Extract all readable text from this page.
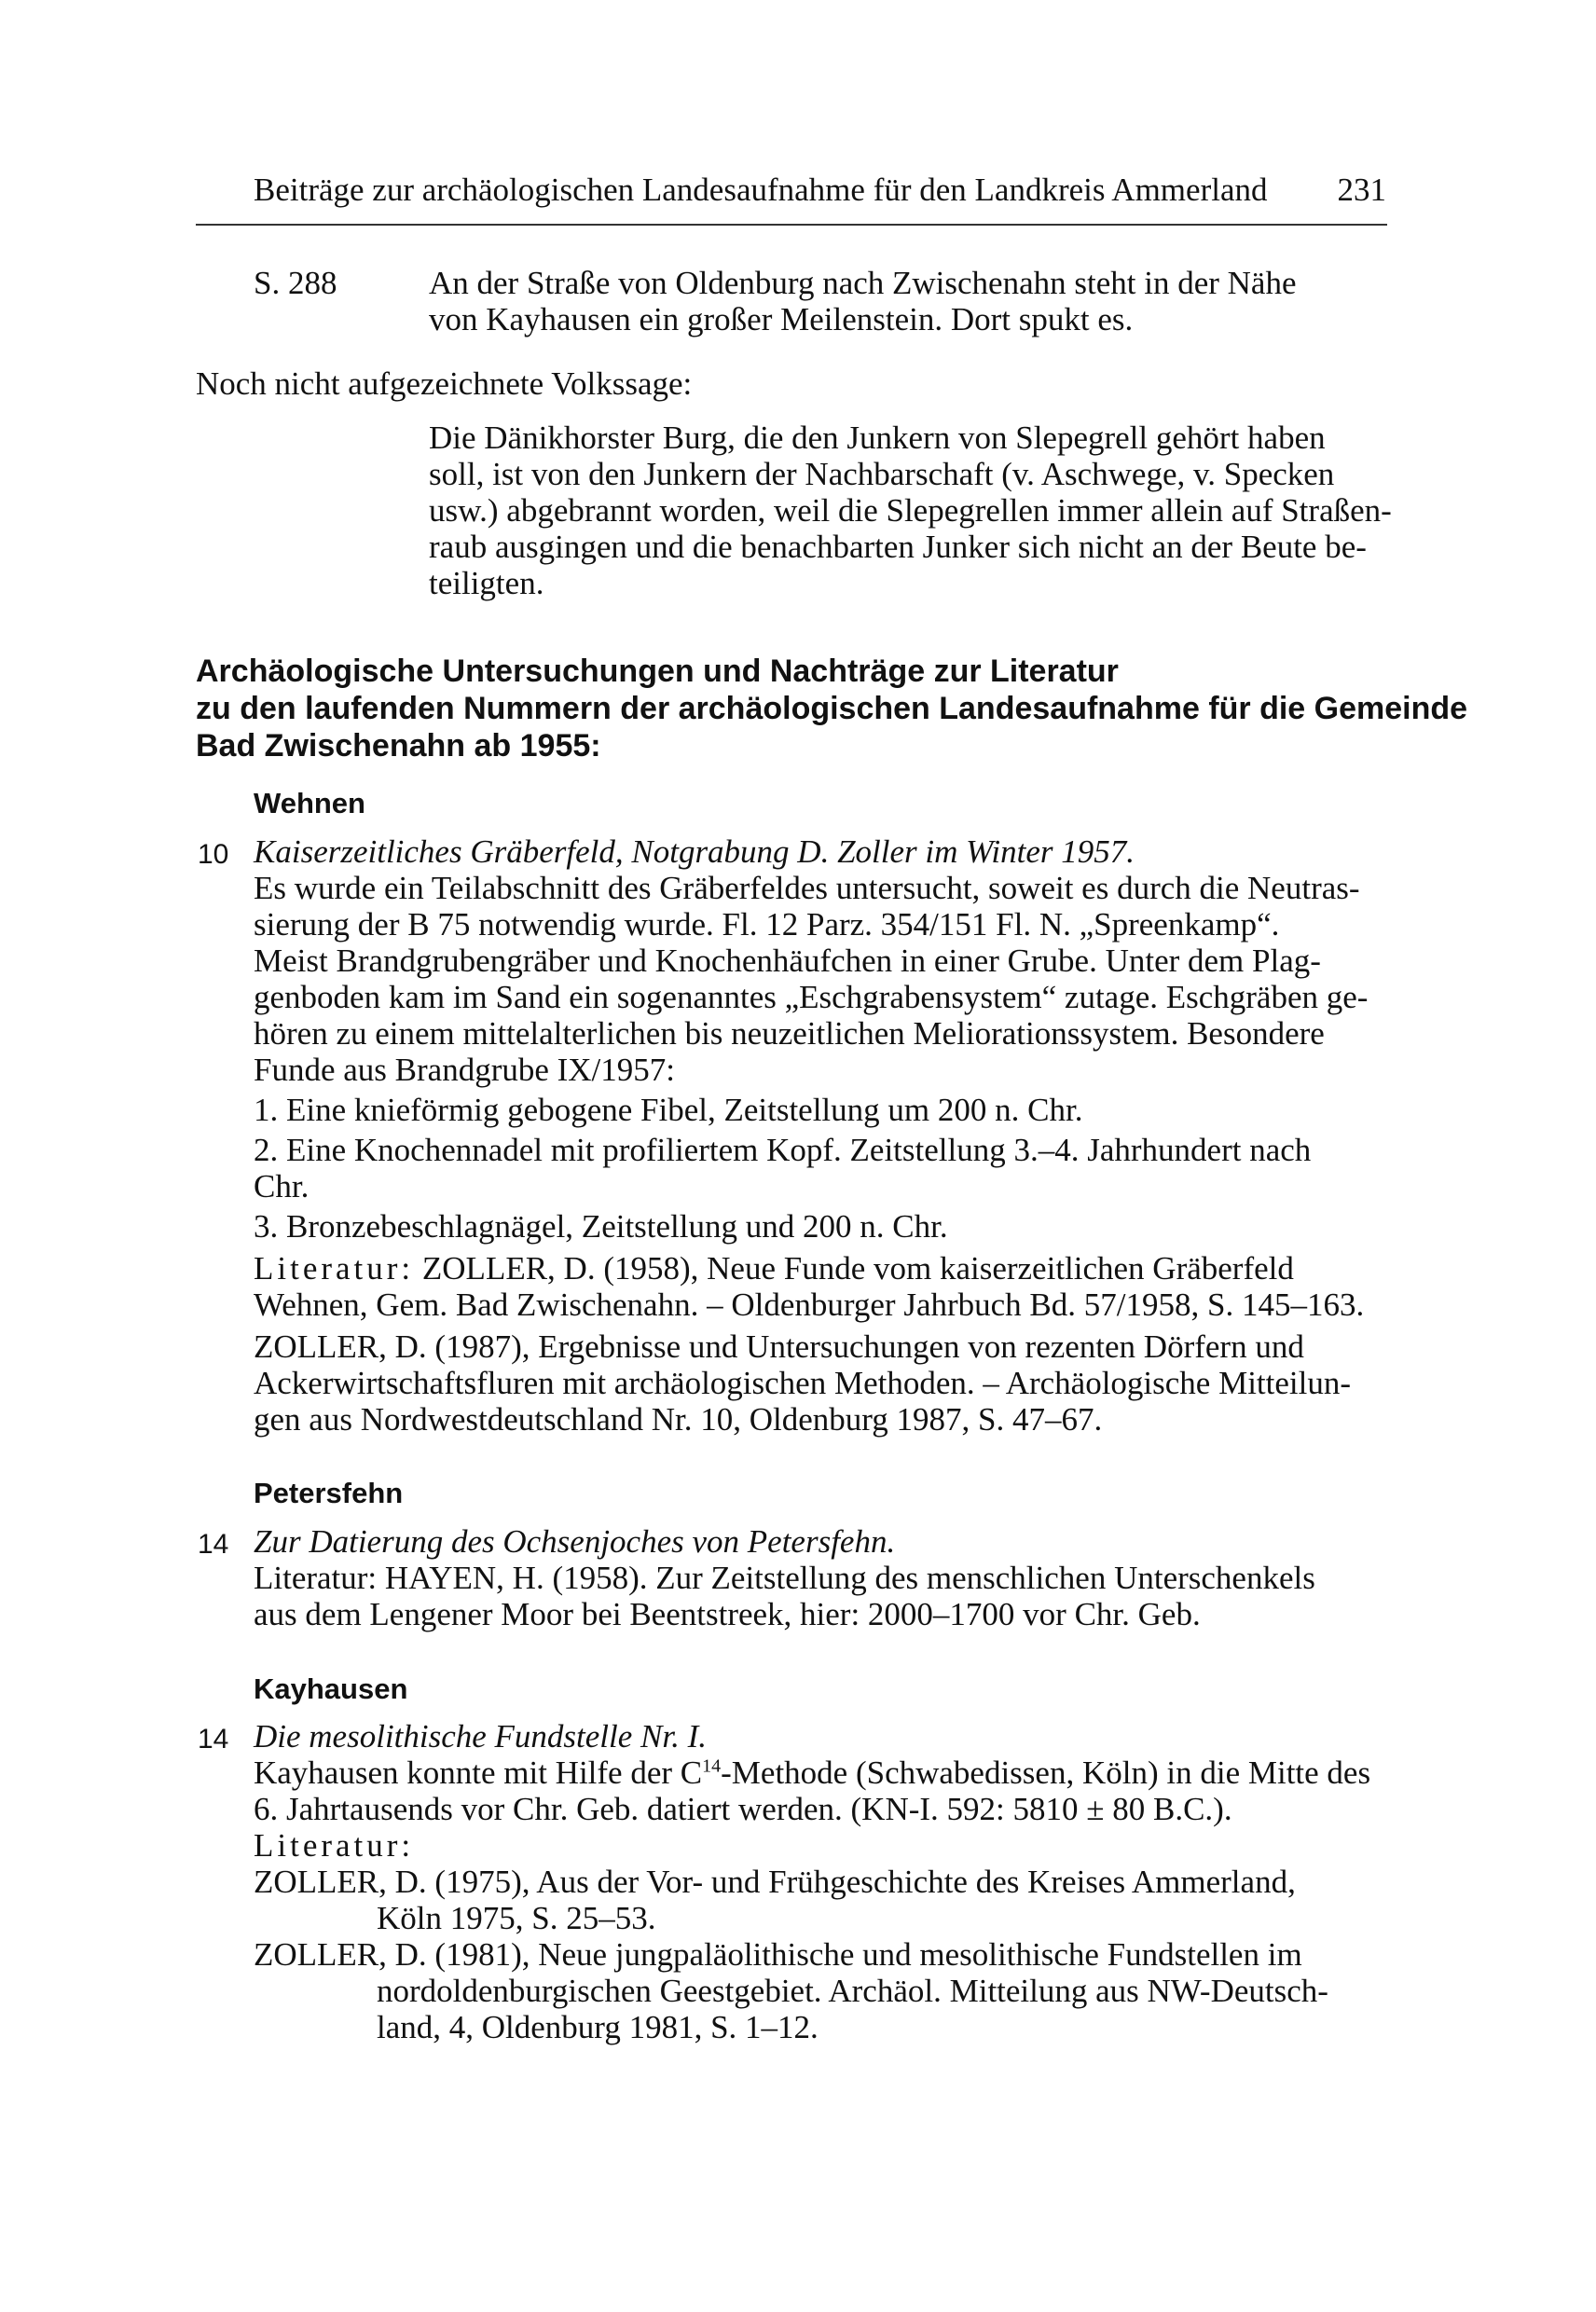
Beiträge zur archäologischen Landesaufnahme für den Landkreis Ammerland 231
S. 288	An der Straße von Oldenburg nach Zwischenahn steht in der Nähe
von Kayhausen ein großer Meilenstein. Dort spukt es.
Noch nicht aufgezeichnete Volkssage:
Die Dänikhorster Burg, die den Junkern von Slepegrell gehört haben
soll, ist von den Junkern der Nachbarschaft (v. Aschwege, v. Specken
usw.) abgebrannt worden, weil die Slepegrellen immer allein auf Straßen-
raub ausgingen und die benachbarten Junker sich nicht an der Beute be-
teiligten.
Archäologische Untersuchungen und Nachträge zur Literatur
zu den laufenden Nummern der archäologischen Landesaufnahme für die Gemeinde
Bad Zwischenahn ab 1955:
Wehnen
10 Kaiserzeitliches Gräberfeld, Notgrabung D. Zoller im Winter 1957.
Es wurde ein Teilabschnitt des Gräberfeldes untersucht, soweit es durch die Neutras-
sierung der B 75 notwendig wurde. Fl. 12 Parz. 354/151 Fl. N. „Spreenkamp“.
Meist Brandgrubengräber und Knochenhäufchen in einer Grube. Unter dem Plag-
genboden kam im Sand ein sogenanntes „Eschgrabensystem“ zutage. Eschgräben ge-
hören zu einem mittelalterlichen bis neuzeitlichen Meliorationssystem. Besondere
Funde aus Brandgrube IX/1957:
1. Eine knieförmig gebogene Fibel, Zeitstellung um 200 n. Chr.
2. Eine Knochennadel mit profiliertem Kopf. Zeitstellung 3.–4. Jahrhundert nach
Chr.
3. Bronzebeschlagnägel, Zeitstellung und 200 n. Chr.
Literatur: ZOLLER, D. (1958), Neue Funde vom kaiserzeitlichen Gräberfeld
Wehnen, Gem. Bad Zwischenahn. – Oldenburger Jahrbuch Bd. 57/1958, S. 145–163.
ZOLLER, D. (1987), Ergebnisse und Untersuchungen von rezenten Dörfern und
Ackerwirtschaftsfluren mit archäologischen Methoden. – Archäologische Mitteilun-
gen aus Nordwestdeutschland Nr. 10, Oldenburg 1987, S. 47–67.
Petersfehn
14 Zur Datierung des Ochsenjoches von Petersfehn.
Literatur: HAYEN, H. (1958). Zur Zeitstellung des menschlichen Unterschenkels
aus dem Lengener Moor bei Beentstreek, hier: 2000–1700 vor Chr. Geb.
Kayhausen
14 Die mesolithische Fundstelle Nr. I.
Kayhausen konnte mit Hilfe der $C^{14}$-Methode (Schwabedissen, Köln) in die Mitte des
6. Jahrtausends vor Chr. Geb. datiert werden. (KN-I. 592: 5810 ± 80 B.C.).
Literatur:
ZOLLER, D. (1975), Aus der Vor- und Frühgeschichte des Kreises Ammerland,
Köln 1975, S. 25–53.
ZOLLER, D. (1981), Neue jungpaläolithische und mesolithische Fundstellen im
nordoldenburgischen Geestgebiet. Archäol. Mitteilung aus NW-Deutsch-
land, 4, Oldenburg 1981, S. 1–12.
